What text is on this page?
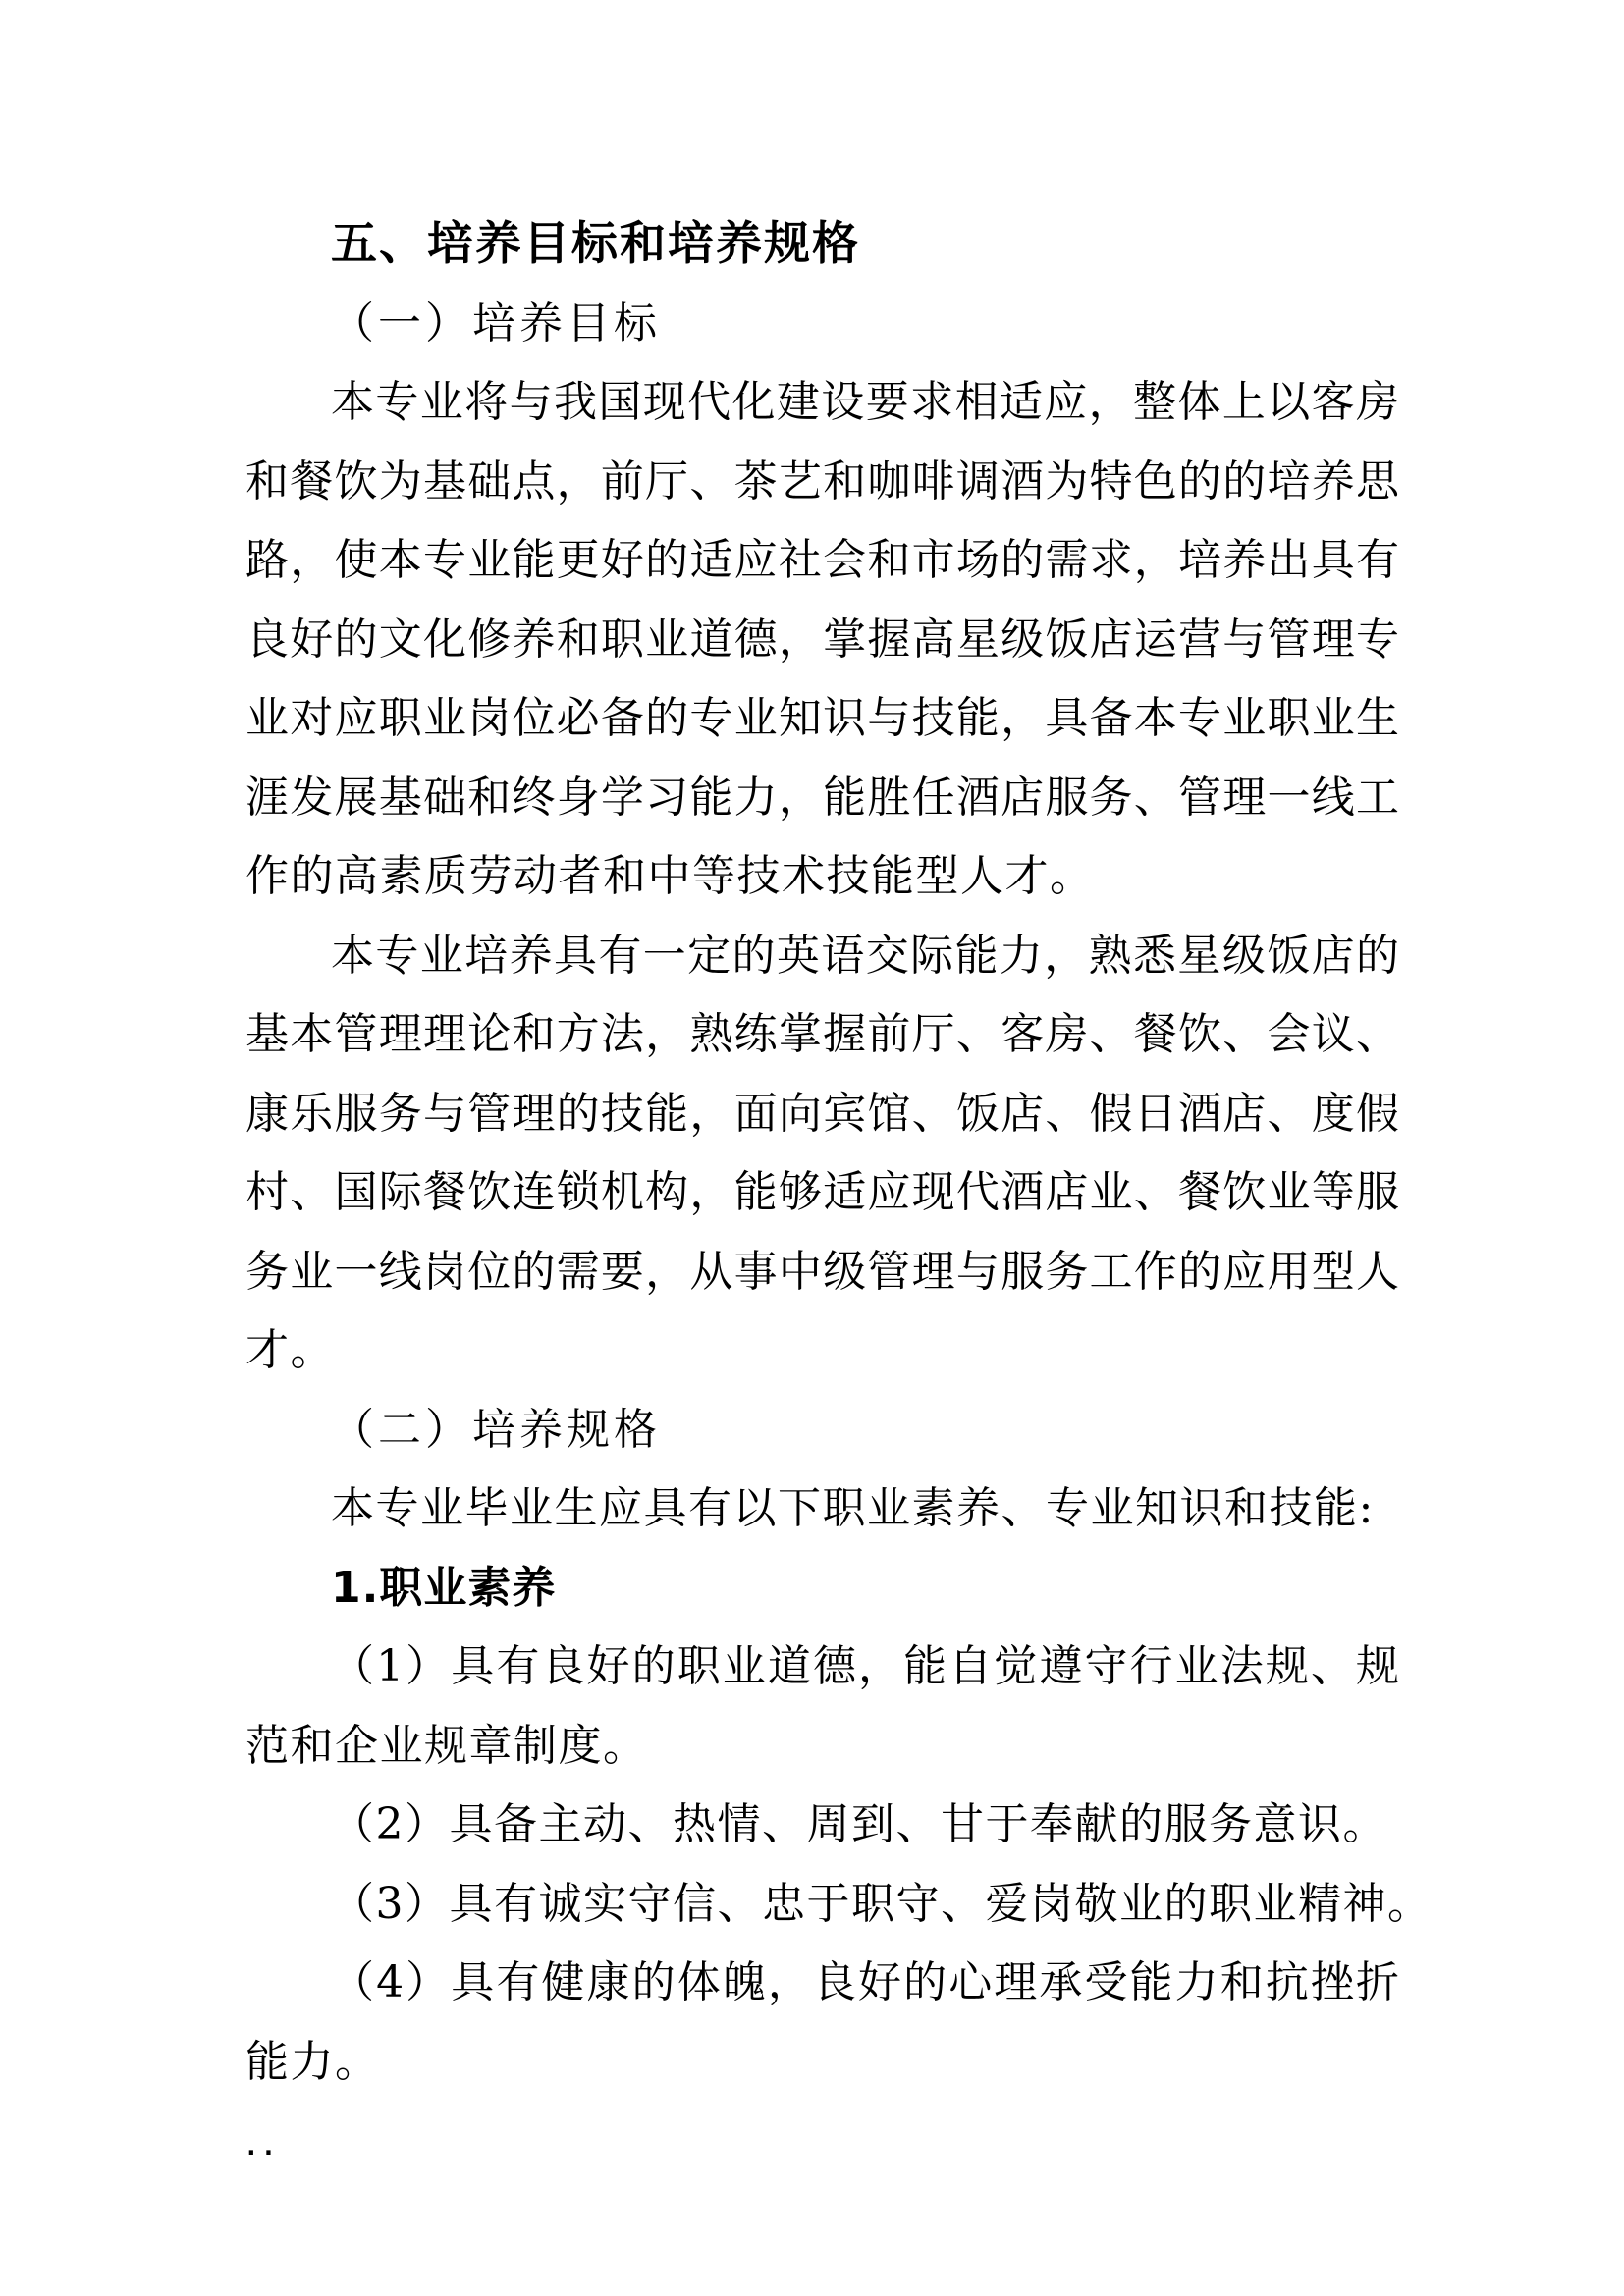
五、培养目标和培养规格
（一）培养目标
本专业将与我国现代化建设要求相适应，整体上以客房
和餐饮为基础点，前厅、茶艺和咖啡调酒为特色的的培养思
路，使本专业能更好的适应社会和市场的需求，培养出具有
良好的文化修养和职业道德，掌握高星级饭店运营与管理专
业对应职业岗位必备的专业知识与技能，具备本专业职业生
涯发展基础和终身学习能力，能胜任酒店服务、管理一线工
作的高素质劳动者和中等技术技能型人才。
本专业培养具有一定的英语交际能力，熟悉星级饭店的
基本管理理论和方法，熟练掌握前厅、客房、餐饮、会议、
康乐服务与管理的技能，面向宾馆、饭店、假日酒店、度假
村、国际餐饮连锁机构，能够适应现代酒店业、餐饮业等服
务业一线岗位的需要，从事中级管理与服务工作的应用型人
才。
（二）培养规格
本专业毕业生应具有以下职业素养、专业知识和技能:
1.职业素养
（1）具有良好的职业道德，能自觉遵守行业法规、规
范和企业规章制度。
（2）具备主动、热情、周到、甘于奉献的服务意识。
（3）具有诚实守信、忠于职守、爱岗敬业的职业精神。
（4）具有健康的体魄，良好的心理承受能力和抗挫折
能力。
..
